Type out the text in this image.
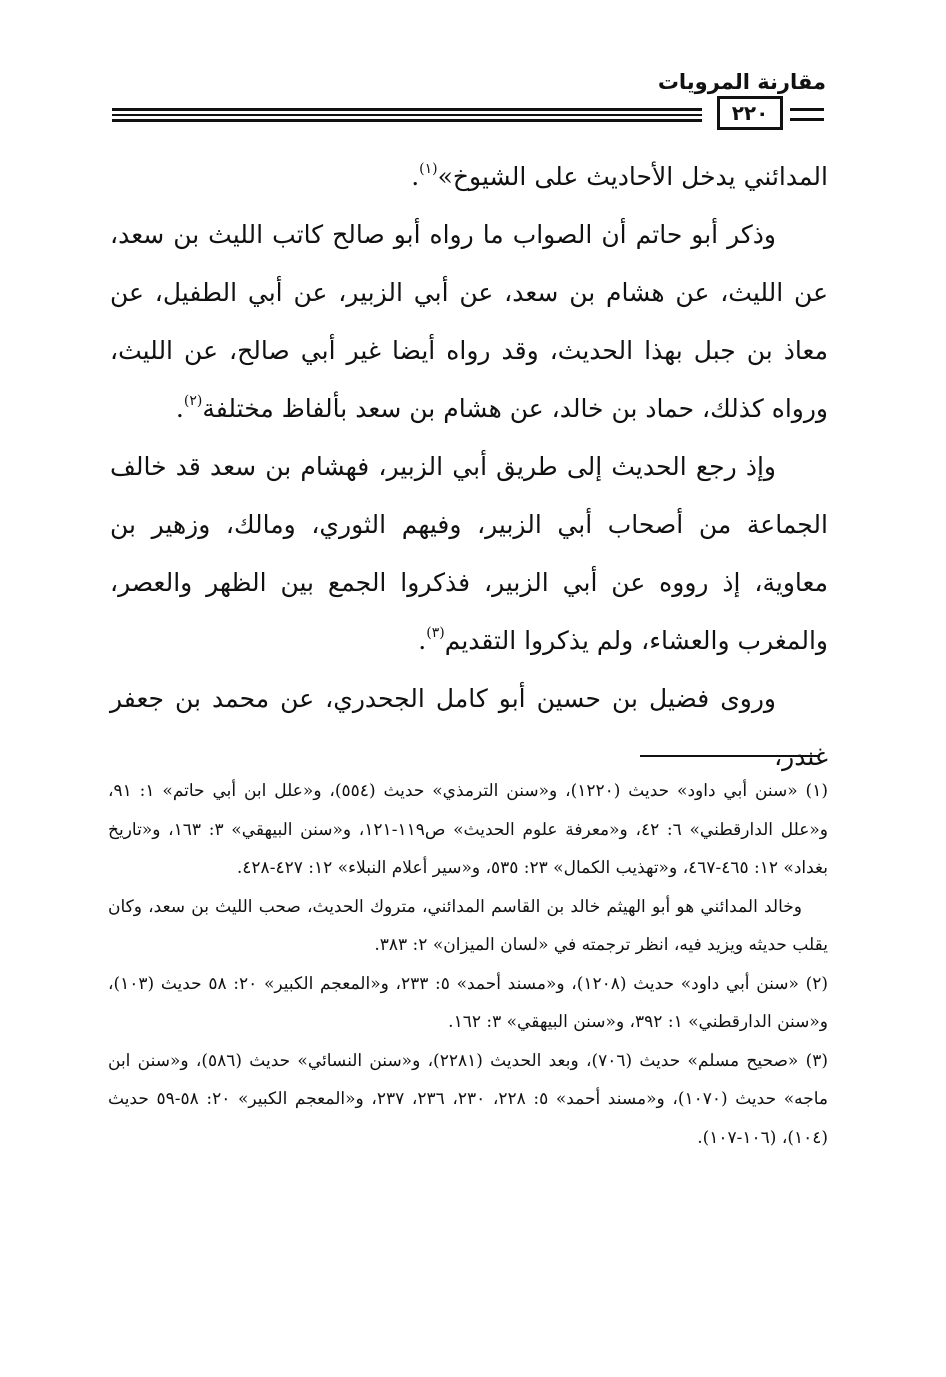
مقارنة المرويات
٢٢٠

المدائني يدخل الأحاديث على الشيوخ»$^{(١)}$.

وذكر أبو حاتم أن الصواب ما رواه أبو صالح كاتب الليث بن سعد، عن الليث، عن هشام بن سعد، عن أبي الزبير، عن أبي الطفيل، عن معاذ بن جبل بهذا الحديث، وقد رواه أيضا غير أبي صالح، عن الليث، ورواه كذلك، حماد بن خالد، عن هشام بن سعد بألفاظ مختلفة$^{(٢)}$.

وإذ رجع الحديث إلى طريق أبي الزبير، فهشام بن سعد قد خالف الجماعة من أصحاب أبي الزبير، وفيهم الثوري، ومالك، وزهير بن معاوية، إذ رووه عن أبي الزبير، فذكروا الجمع بين الظهر والعصر، والمغرب والعشاء، ولم يذكروا التقديم$^{(٣)}$.

وروى فضيل بن حسين أبو كامل الجحدري، عن محمد بن جعفر غندر،

(١) «سنن أبي داود» حديث (١٢٢٠)، و«سنن الترمذي» حديث (٥٥٤)، و«علل ابن أبي حاتم» ١: ٩١، و«علل الدارقطني» ٦: ٤٢، و«معرفة علوم الحديث» ص١١٩-١٢١، و«سنن البيهقي» ٣: ١٦٣، و«تاريخ بغداد» ١٢: ٤٦٥-٤٦٧، و«تهذيب الكمال» ٢٣: ٥٣٥، و«سير أعلام النبلاء» ١٢: ٤٢٧-٤٢٨.

وخالد المدائني هو أبو الهيثم خالد بن القاسم المدائني، متروك الحديث، صحب الليث بن سعد، وكان يقلب حديثه ويزيد فيه، انظر ترجمته في «لسان الميزان» ٢: ٣٨٣.

(٢) «سنن أبي داود» حديث (١٢٠٨)، و«مسند أحمد» ٥: ٢٣٣، و«المعجم الكبير» ٢٠: ٥٨ حديث (١٠٣)، و«سنن الدارقطني» ١: ٣٩٢، و«سنن البيهقي» ٣: ١٦٢.

(٣) «صحيح مسلم» حديث (٧٠٦)، وبعد الحديث (٢٢٨١)، و«سنن النسائي» حديث (٥٨٦)، و«سنن ابن ماجه» حديث (١٠٧٠)، و«مسند أحمد» ٥: ٢٢٨، ٢٣٠، ٢٣٦، ٢٣٧، و«المعجم الكبير» ٢٠: ٥٨-٥٩ حديث (١٠٤)، (١٠٦-١٠٧).
